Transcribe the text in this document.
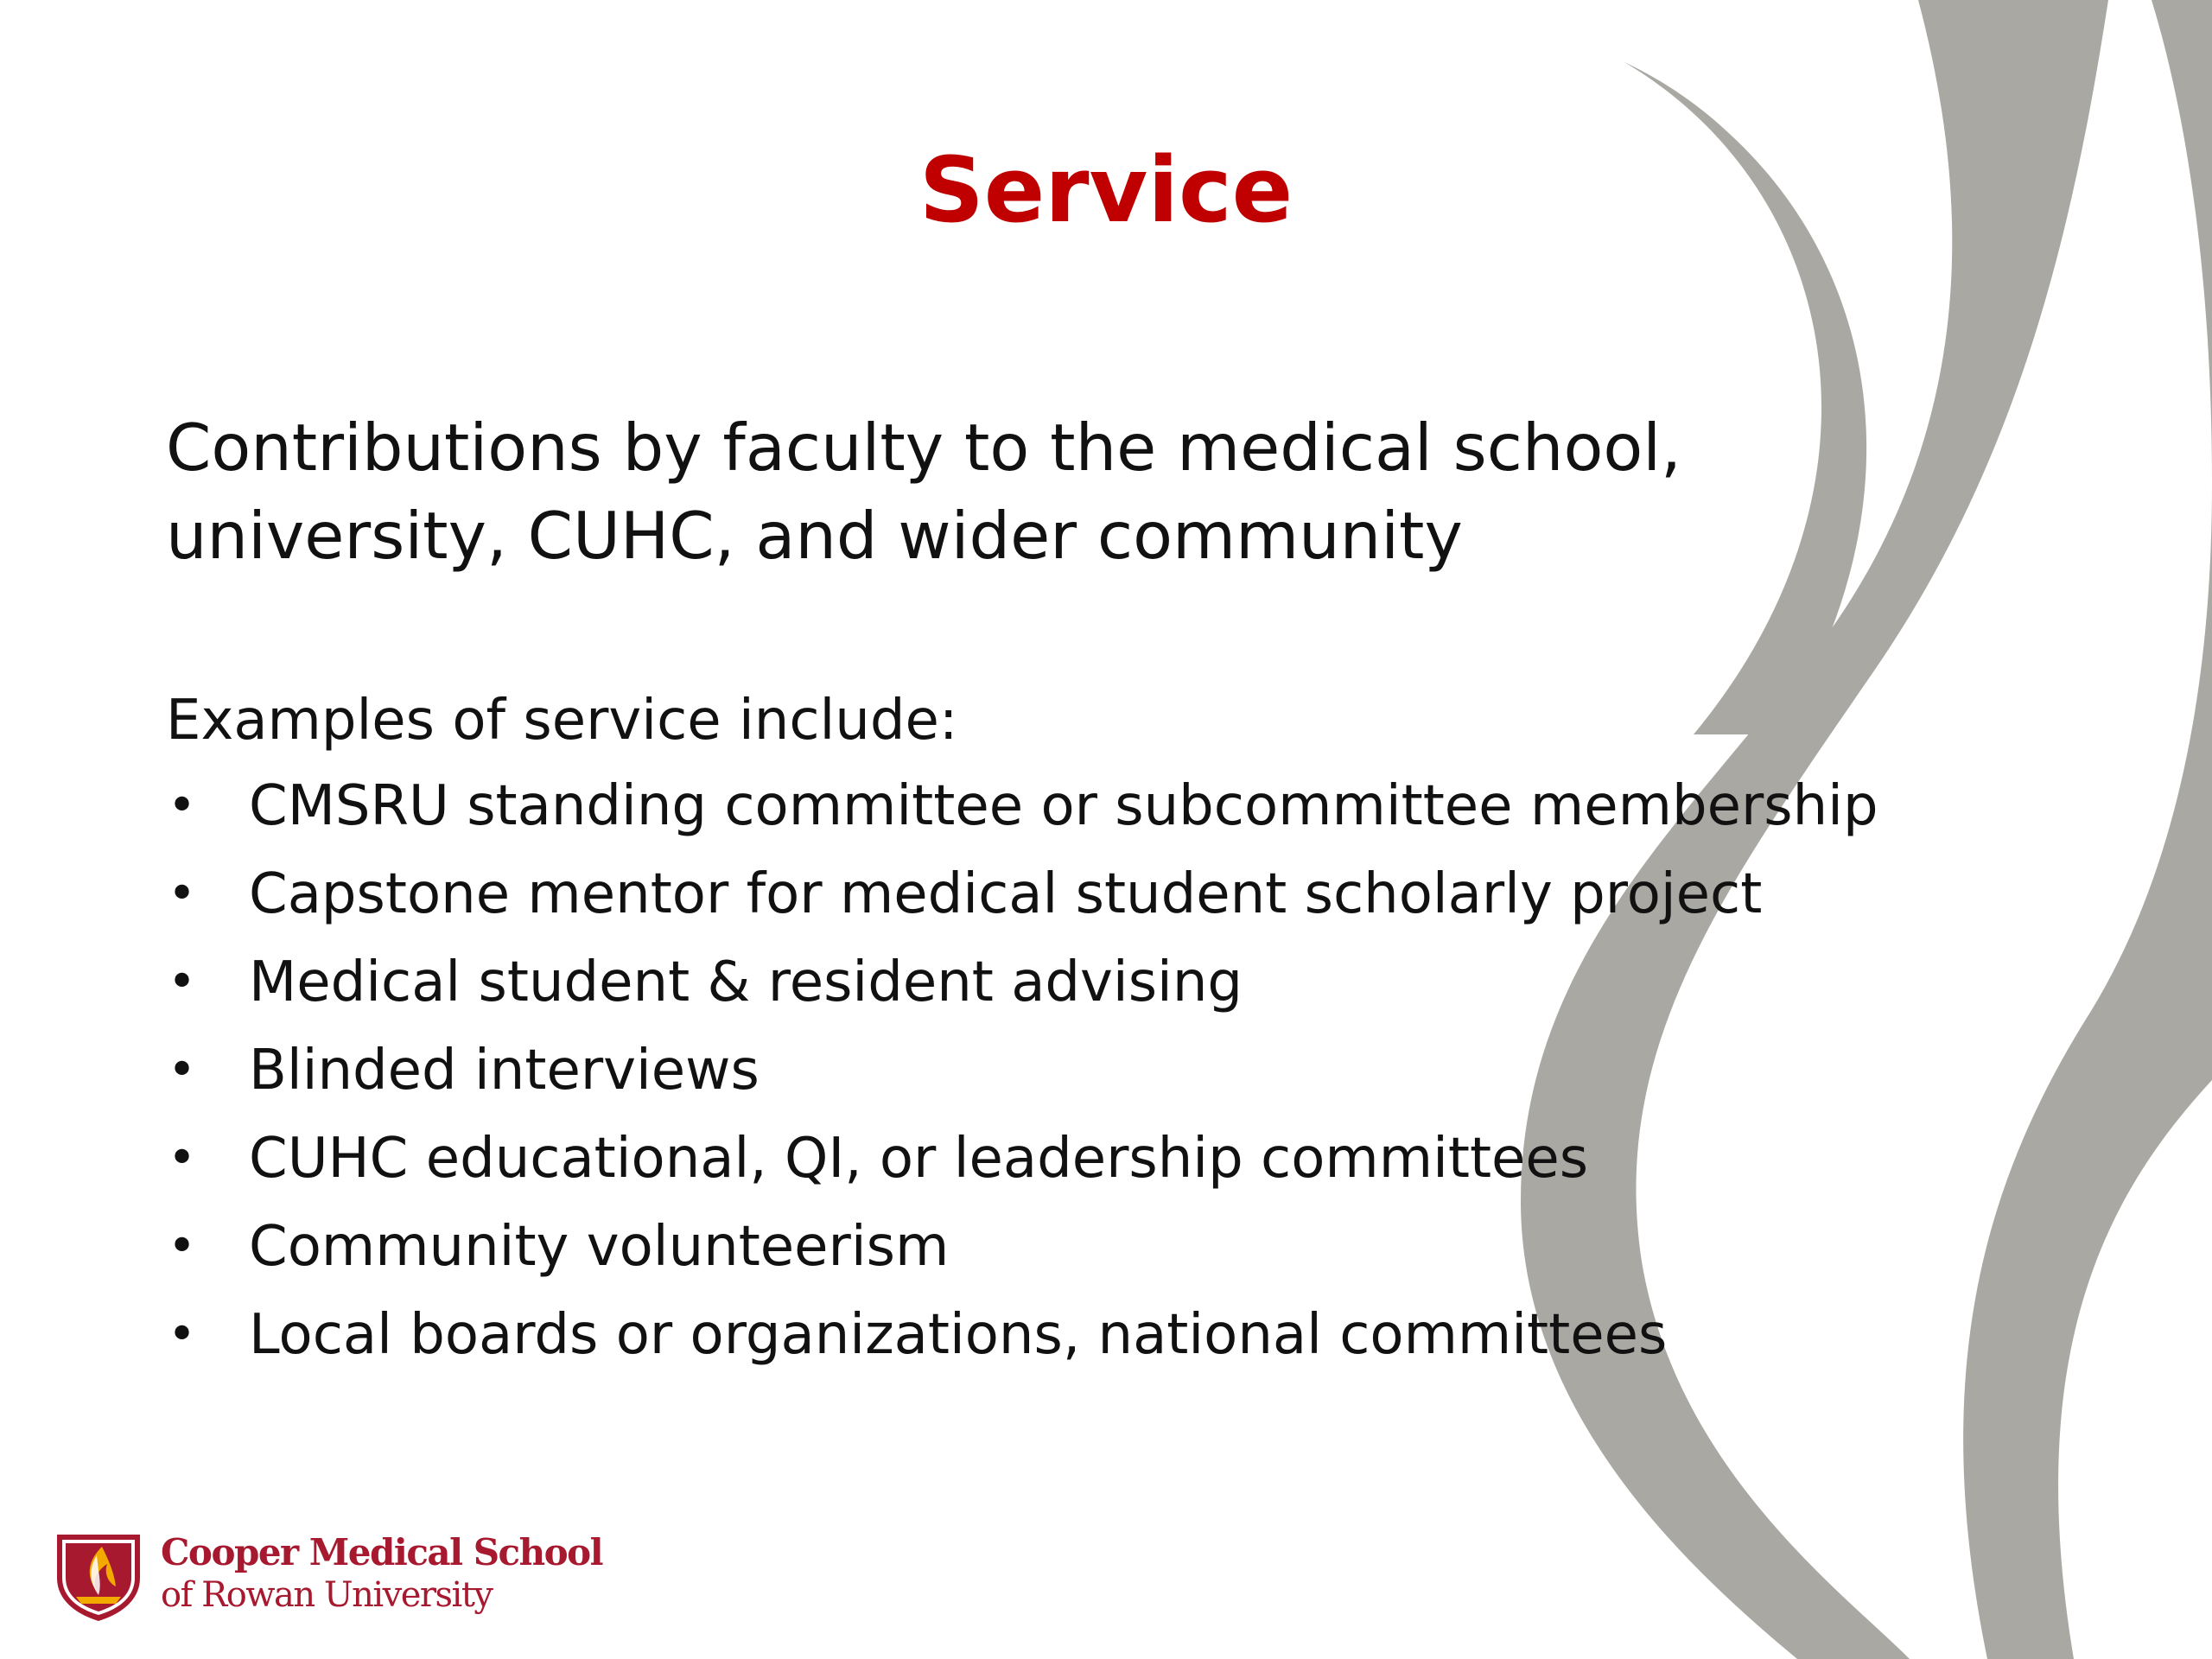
Service

Contributions by faculty to the medical school, university, CUHC, and wider community

Examples of service include:

• CMSRU standing committee or subcommittee membership
• Capstone mentor for medical student scholarly project
• Medical student & resident advising
• Blinded interviews
• CUHC educational, QI, or leadership committees
• Community volunteerism
• Local boards or organizations, national committees
Cooper Medical School
of Rowan University
